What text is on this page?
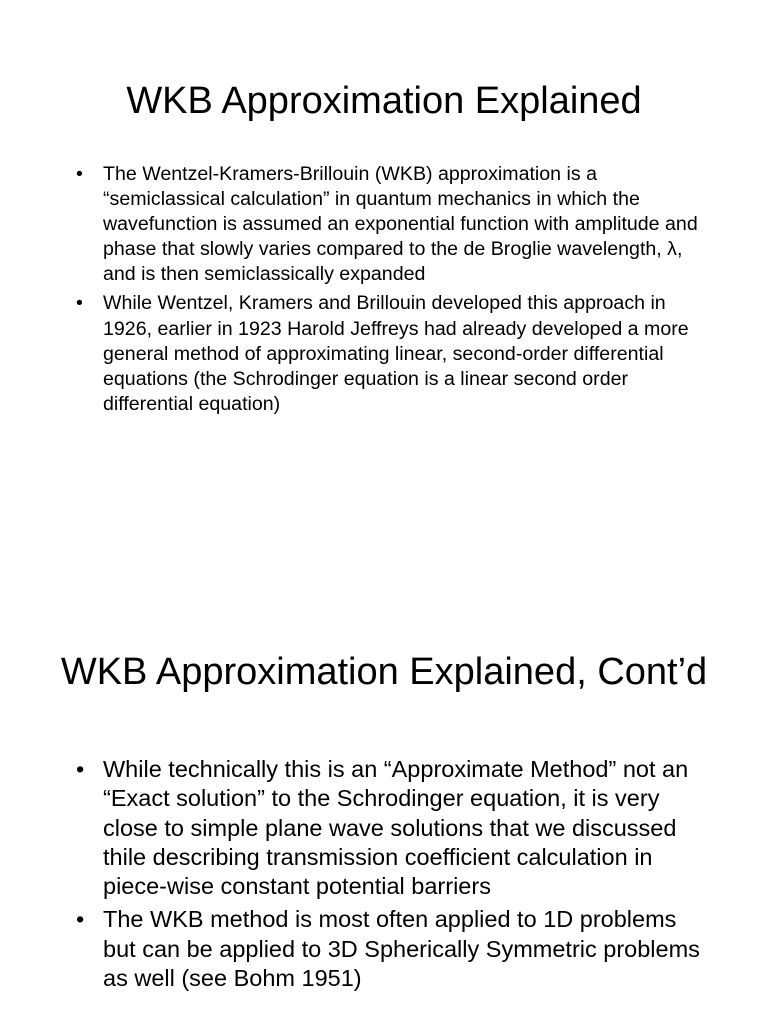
WKB Approximation Explained
• The Wentzel-Kramers-Brillouin (WKB) approximation is a “semiclassical calculation” in quantum mechanics in which the wavefunction is assumed an exponential function with amplitude and phase that slowly varies compared to the de Broglie wavelength, λ, and is then semiclassically expanded
• While Wentzel, Kramers and Brillouin developed this approach in 1926, earlier in 1923 Harold Jeffreys had already developed a more general method of approximating linear, second-order differential equations (the Schrodinger equation is a linear second order differential equation)
WKB Approximation Explained, Cont’d
• While technically this is an “Approximate Method” not an “Exact solution” to the Schrodinger equation, it is very close to simple plane wave solutions that we discussed thile describing transmission coefficient calculation in piece-wise constant potential barriers
• The WKB method is most often applied to 1D problems but can be applied to 3D Spherically Symmetric problems as well (see Bohm 1951)
